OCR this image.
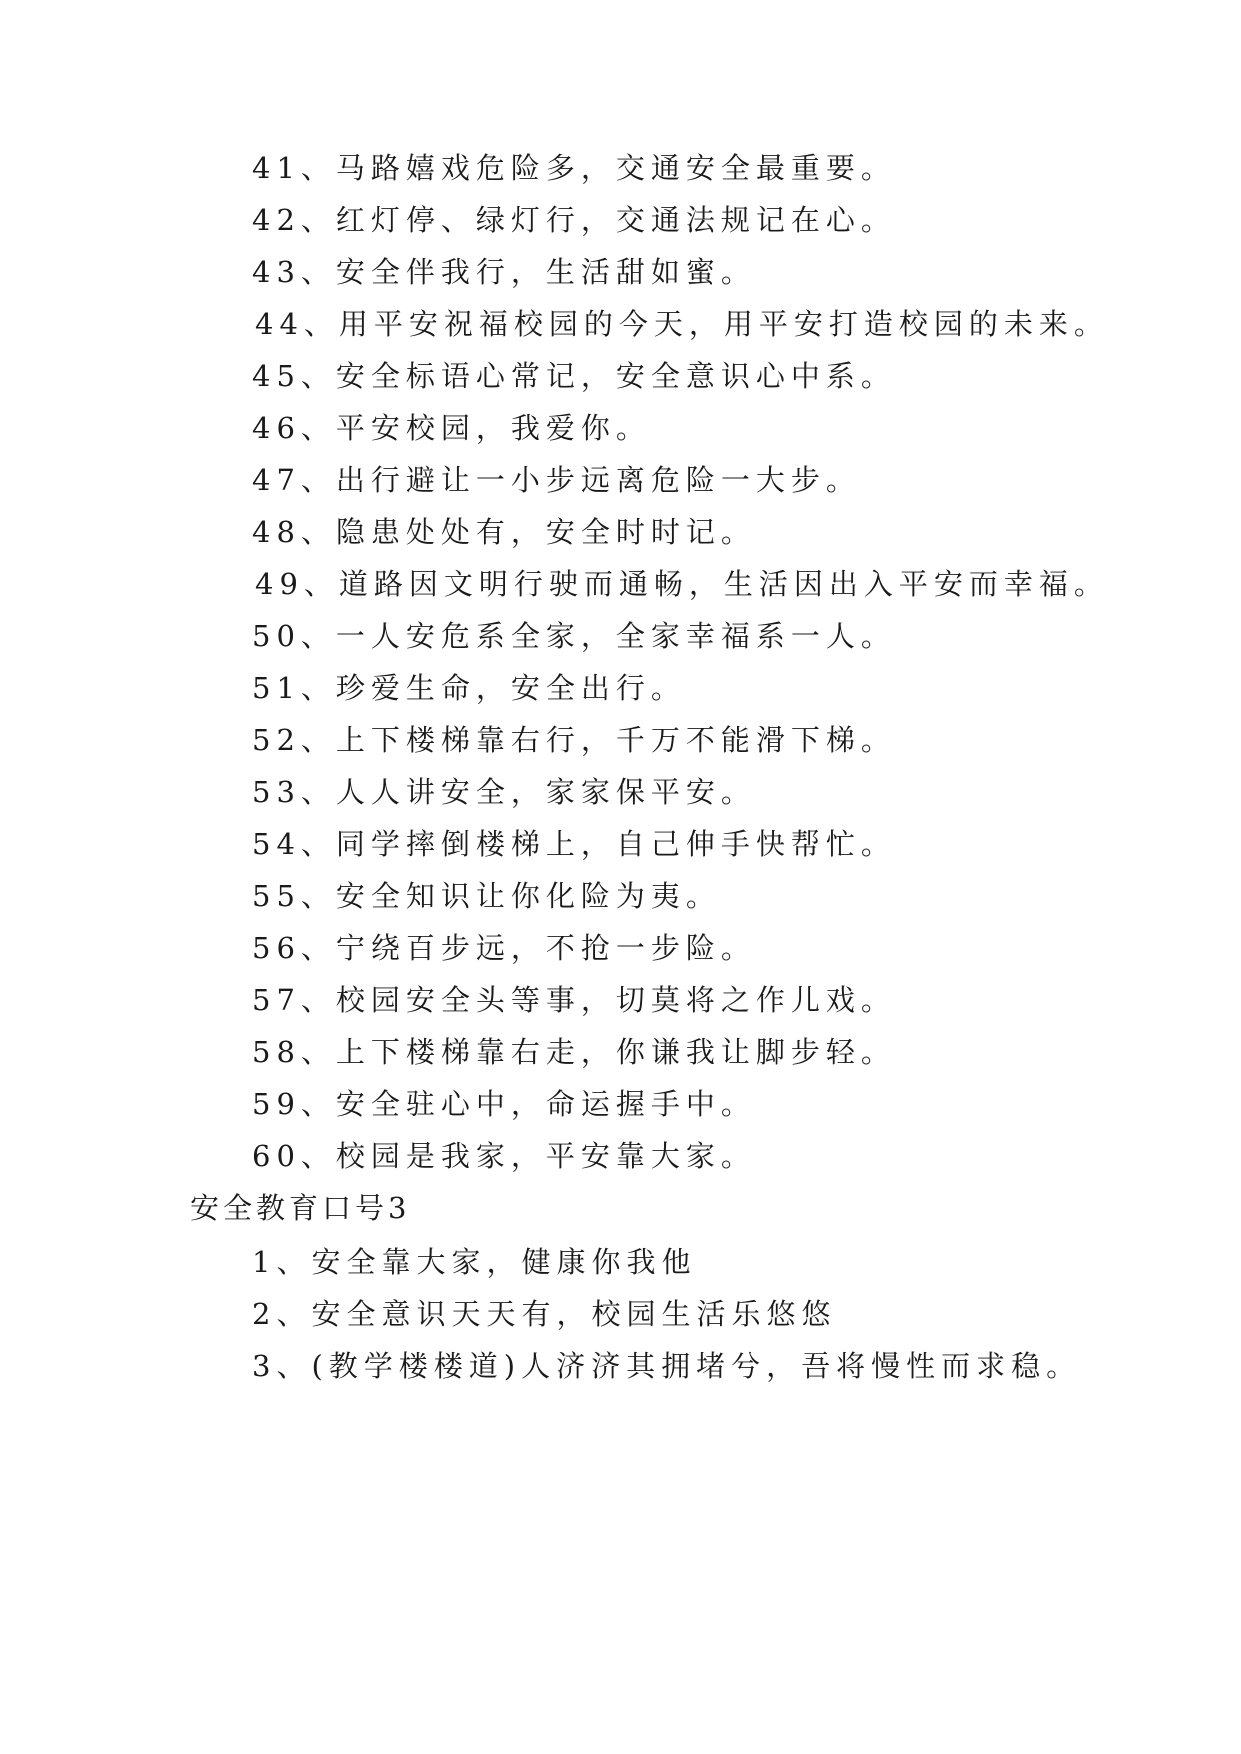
41、马路嬉戏危险多，交通安全最重要。
42、红灯停、绿灯行，交通法规记在心。
43、安全伴我行，生活甜如蜜。
44、用平安祝福校园的今天，用平安打造校园的未来。
45、安全标语心常记，安全意识心中系。
46、平安校园，我爱你。
47、出行避让一小步远离危险一大步。
48、隐患处处有，安全时时记。
49、道路因文明行驶而通畅，生活因出入平安而幸福。
50、一人安危系全家，全家幸福系一人。
51、珍爱生命，安全出行。
52、上下楼梯靠右行，千万不能滑下梯。
53、人人讲安全，家家保平安。
54、同学摔倒楼梯上，自己伸手快帮忙。
55、安全知识让你化险为夷。
56、宁绕百步远，不抢一步险。
57、校园安全头等事，切莫将之作儿戏。
58、上下楼梯靠右走，你谦我让脚步轻。
59、安全驻心中，命运握手中。
60、校园是我家，平安靠大家。
安全教育口号3
1、安全靠大家，健康你我他
2、安全意识天天有，校园生活乐悠悠
3、(教学楼楼道)人济济其拥堵兮，吾将慢性而求稳。
